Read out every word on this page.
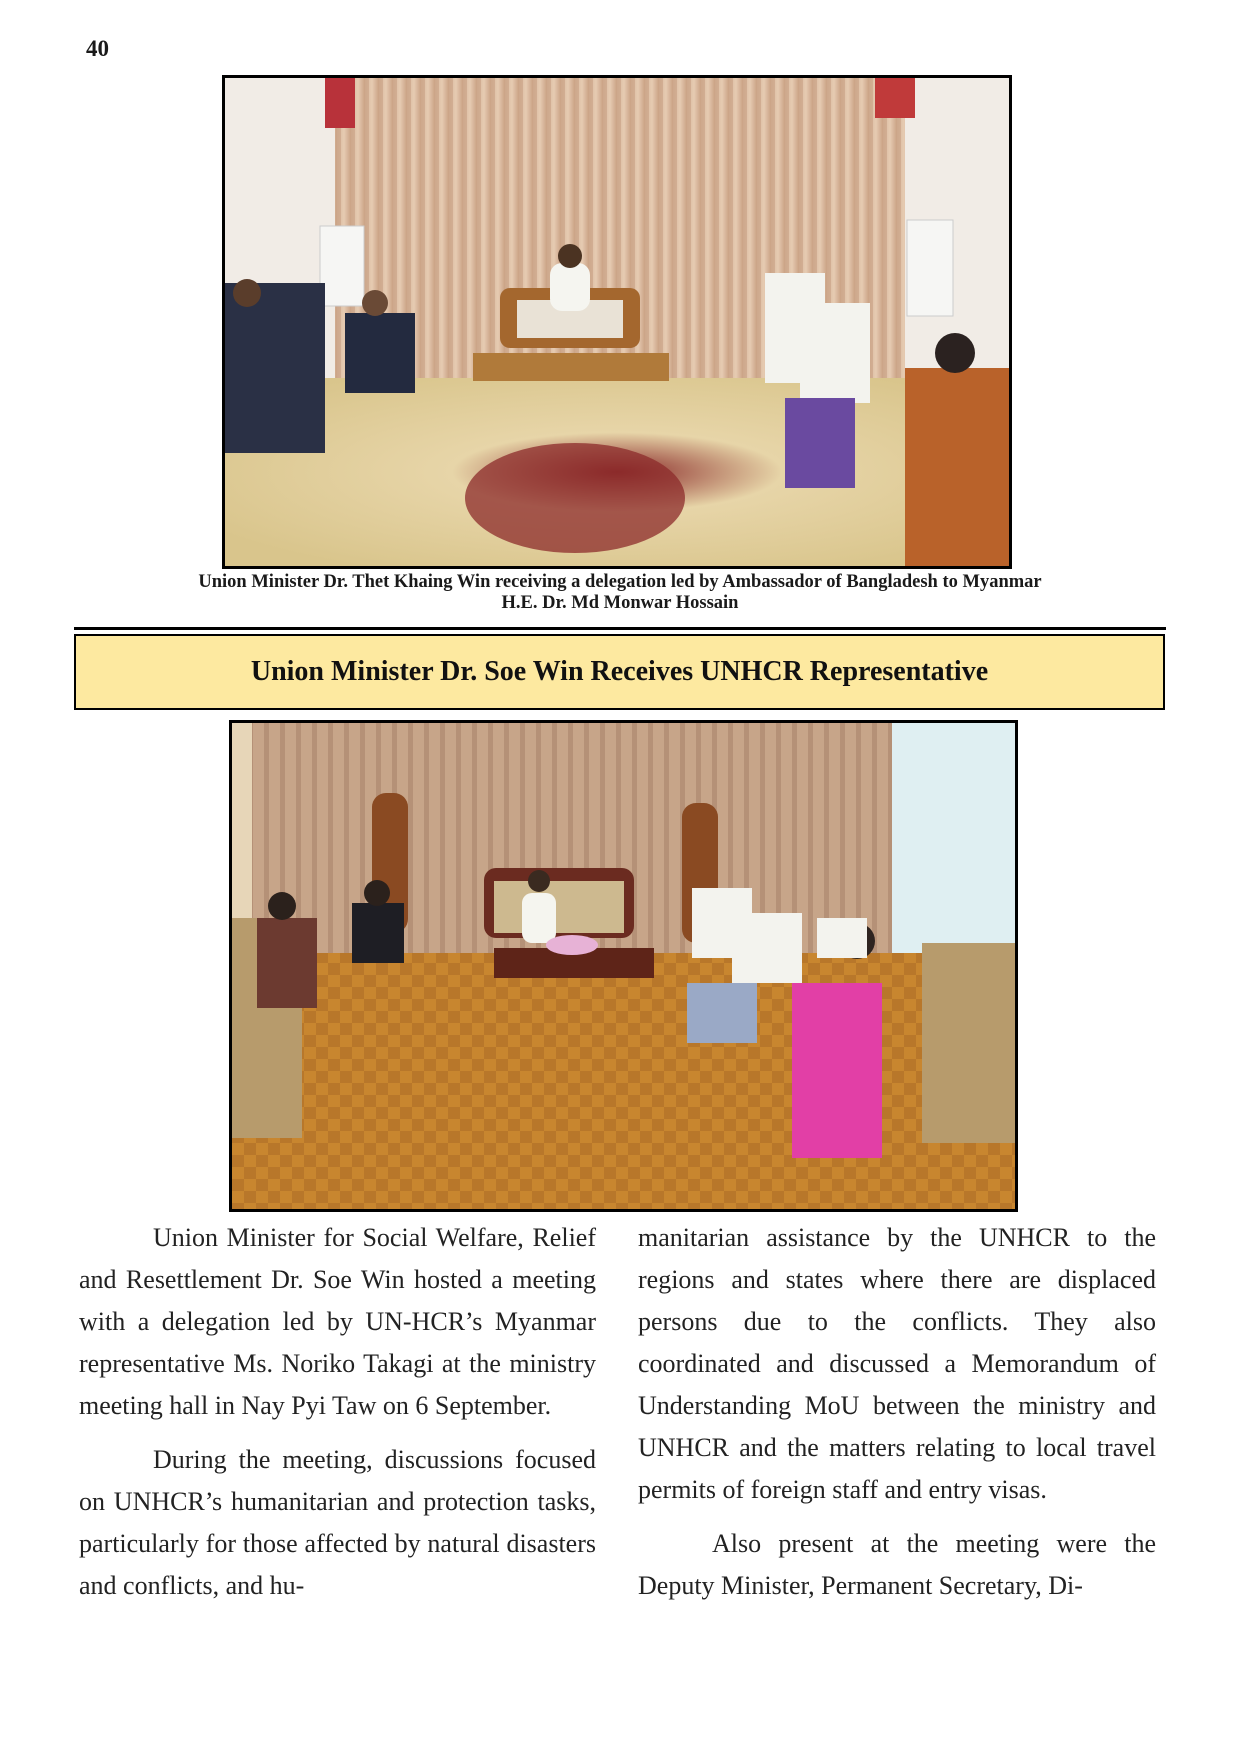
40
Union Minister Dr. Thet Khaing Win receiving a delegation led by Ambassador of Bangladesh to Myanmar
H.E. Dr. Md Monwar Hossain
Union Minister Dr. Soe Win Receives UNHCR Representative

Union Minister for Social Welfare, Relief and Resettlement Dr. Soe Win hosted a meeting with a delegation led by UN-HCR’s Myanmar representative Ms. Noriko Takagi at the ministry meeting hall in Nay Pyi Taw on 6 September.

During the meeting, discussions focused on UNHCR’s humanitarian and protection tasks, particularly for those affected by natural disasters and conflicts, and hu-

manitarian assistance by the UNHCR to the regions and states where there are displaced persons due to the conflicts. They also coordinated and discussed a Memorandum of Understanding MoU between the ministry and UNHCR and the matters relating to local travel permits of foreign staff and entry visas.

Also present at the meeting were the Deputy Minister, Permanent Secretary, Di-
